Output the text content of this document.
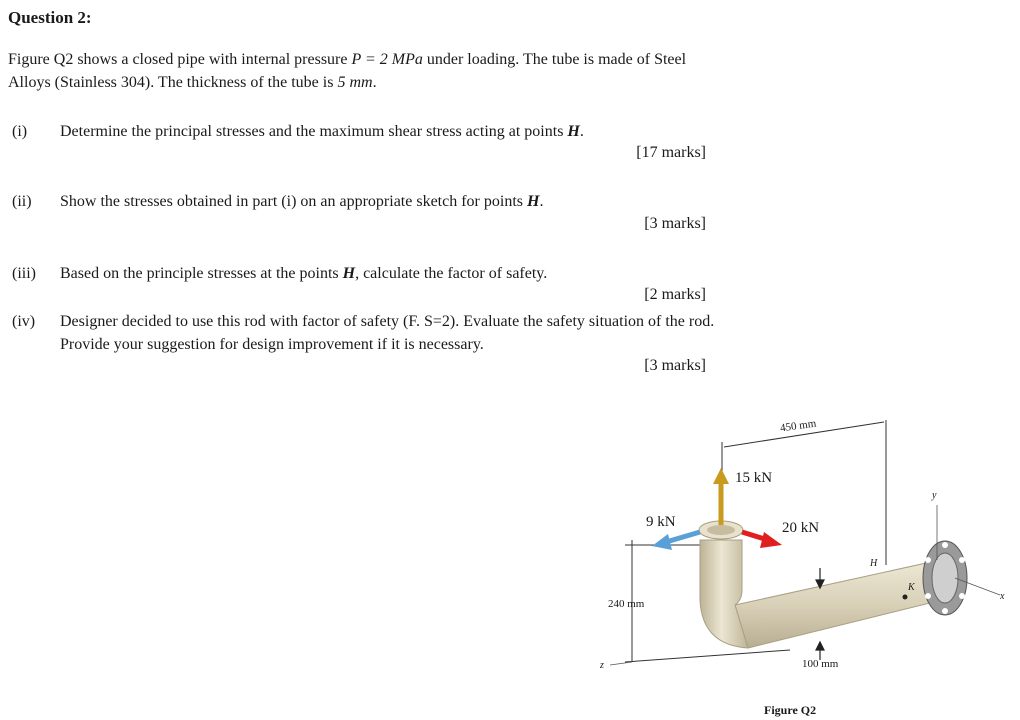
Question 2:
Figure Q2 shows a closed pipe with internal pressure P = 2 MPa under loading. The tube is made of Steel Alloys (Stainless 304). The thickness of the tube is 5 mm.
(i)	Determine the principal stresses and the maximum shear stress acting at points H.
[17 marks]
(ii)	Show the stresses obtained in part (i) on an appropriate sketch for points H.
[3 marks]
(iii)	Based on the principle stresses at the points H, calculate the factor of safety.
[2 marks]
(iv)	Designer decided to use this rod with factor of safety (F. S=2). Evaluate the safety situation of the rod. Provide your suggestion for design improvement if it is necessary.
[3 marks]
450 mm
15 kN
9 kN	20 kN
240 mm
100 mm
H
K
y
x
z
Figure Q2
